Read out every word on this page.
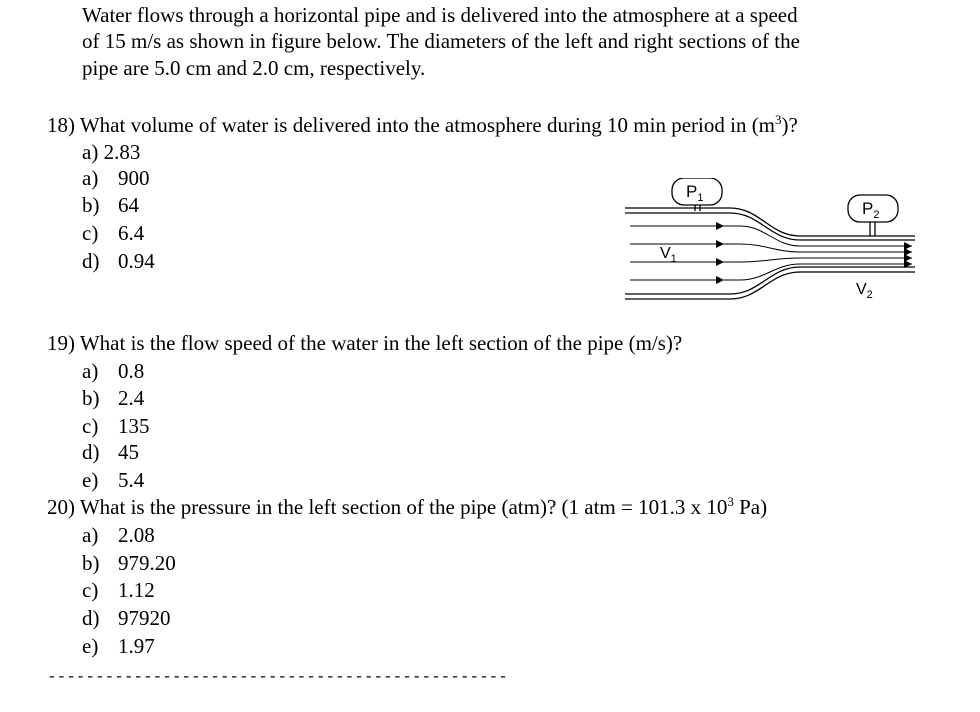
Water flows through a horizontal pipe and is delivered into the atmosphere at a speed
of 15 m/s as shown in figure below. The diameters of the left and right sections of the
pipe are 5.0 cm and 2.0 cm, respectively.
18) What volume of water is delivered into the atmosphere during 10 min period in $(m^3)$?
a) 2.83
a) 900
b) 64
c) 6.4
d) 0.94
$P_1$
$P_2$
$V_1$
$V_2$
19) What is the flow speed of the water in the left section of the pipe (m/s)?
a) 0.8
b) 2.4
c) 135
d) 45
e) 5.4
20) What is the pressure in the left section of the pipe (atm)? (1 atm = 101.3 x $10^3$ Pa)
a) 2.08
b) 979.20
c) 1.12
d) 97920
e) 1.97
------------------------------------------------
